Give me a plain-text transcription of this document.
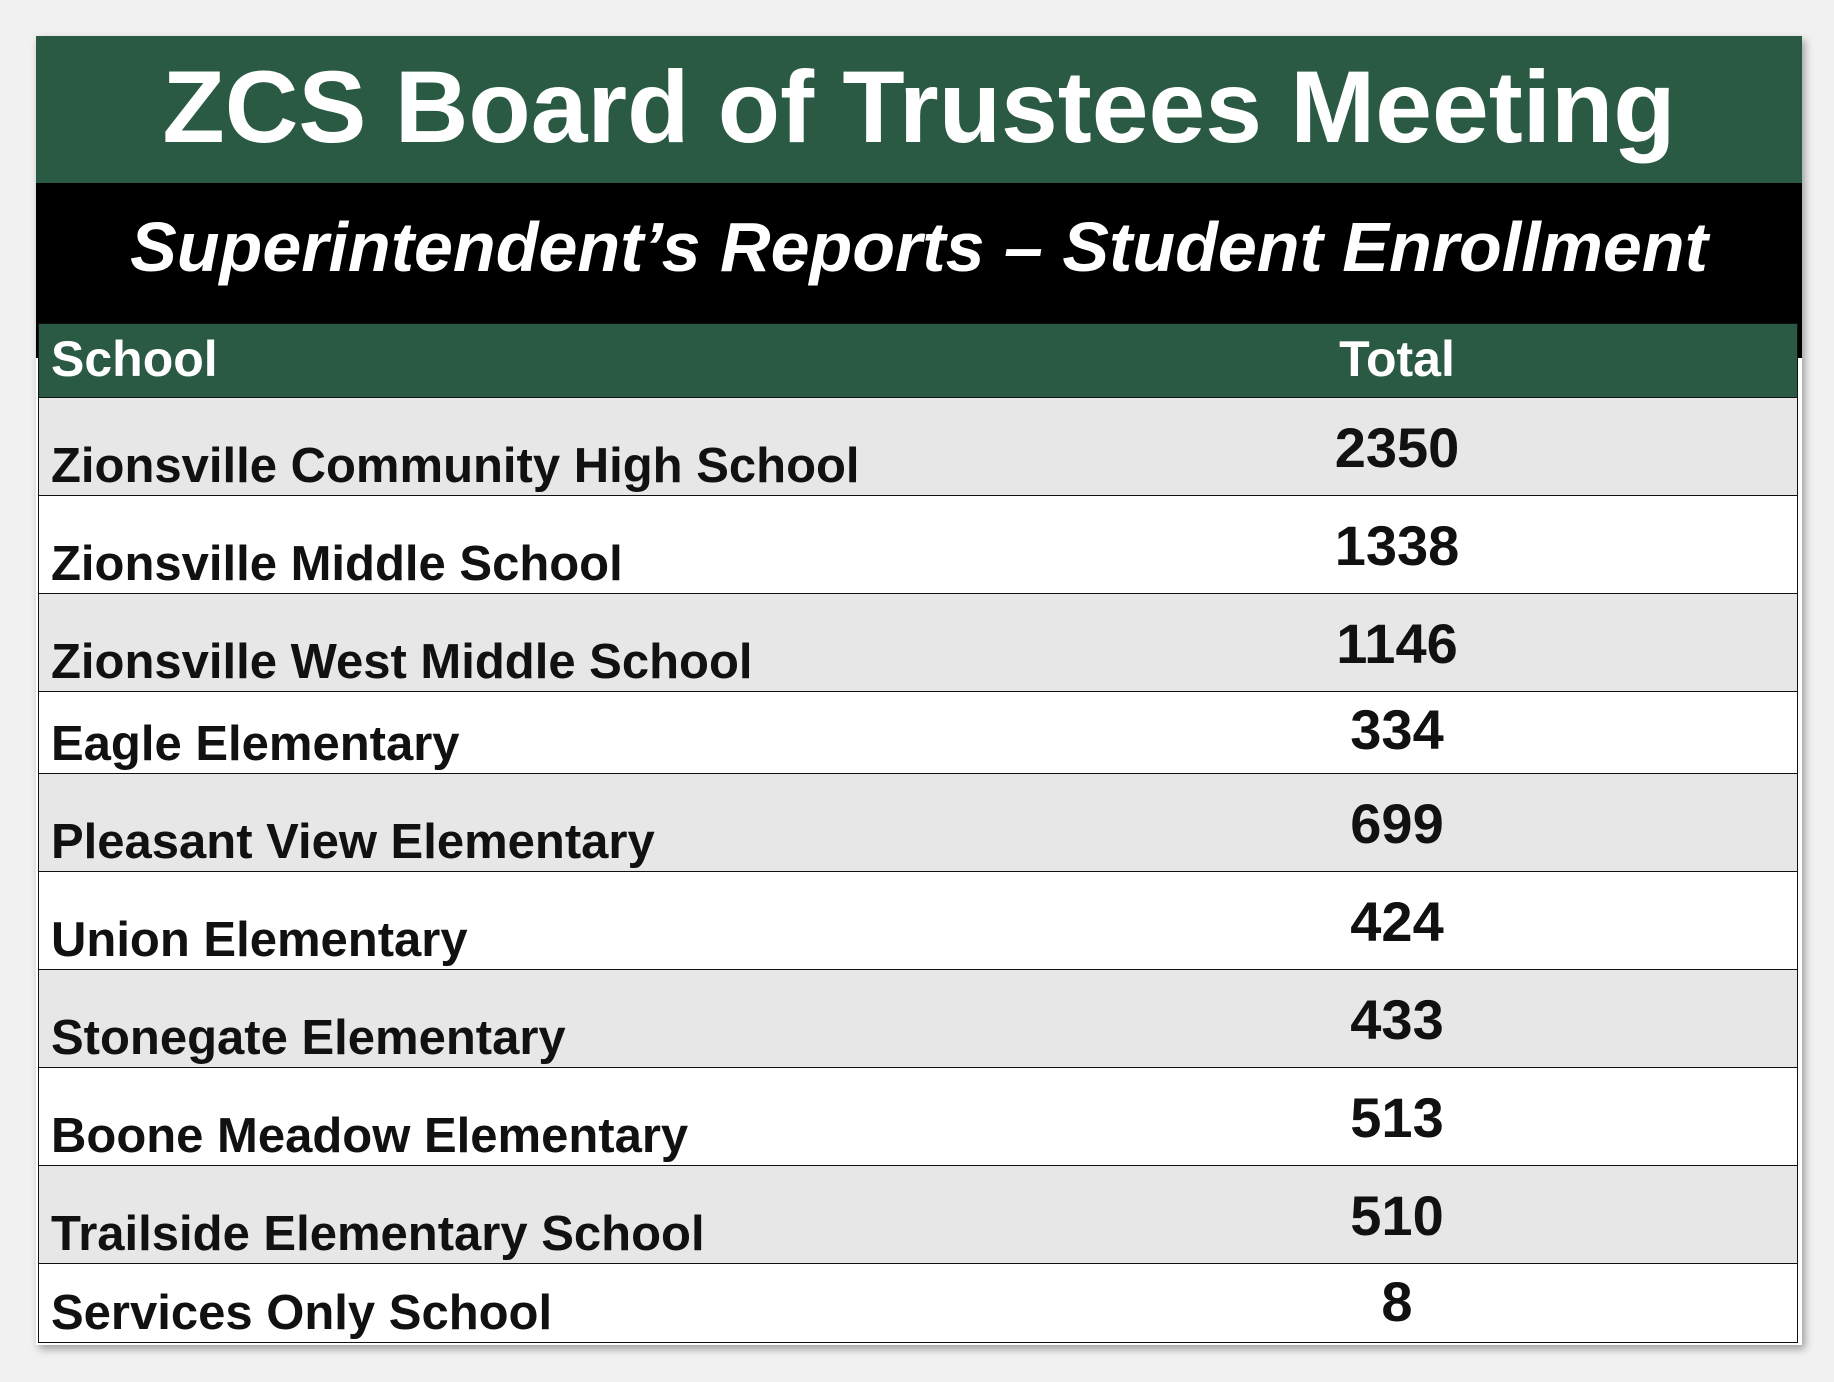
ZCS Board of Trustees Meeting
Superintendent’s Reports – Student Enrollment
School	Total
Zionsville Community High School	2350
Zionsville Middle School	1338
Zionsville West Middle School	1146
Eagle Elementary	334
Pleasant View Elementary	699
Union Elementary	424
Stonegate Elementary	433
Boone Meadow Elementary	513
Trailside Elementary School	510
Services Only School	8
